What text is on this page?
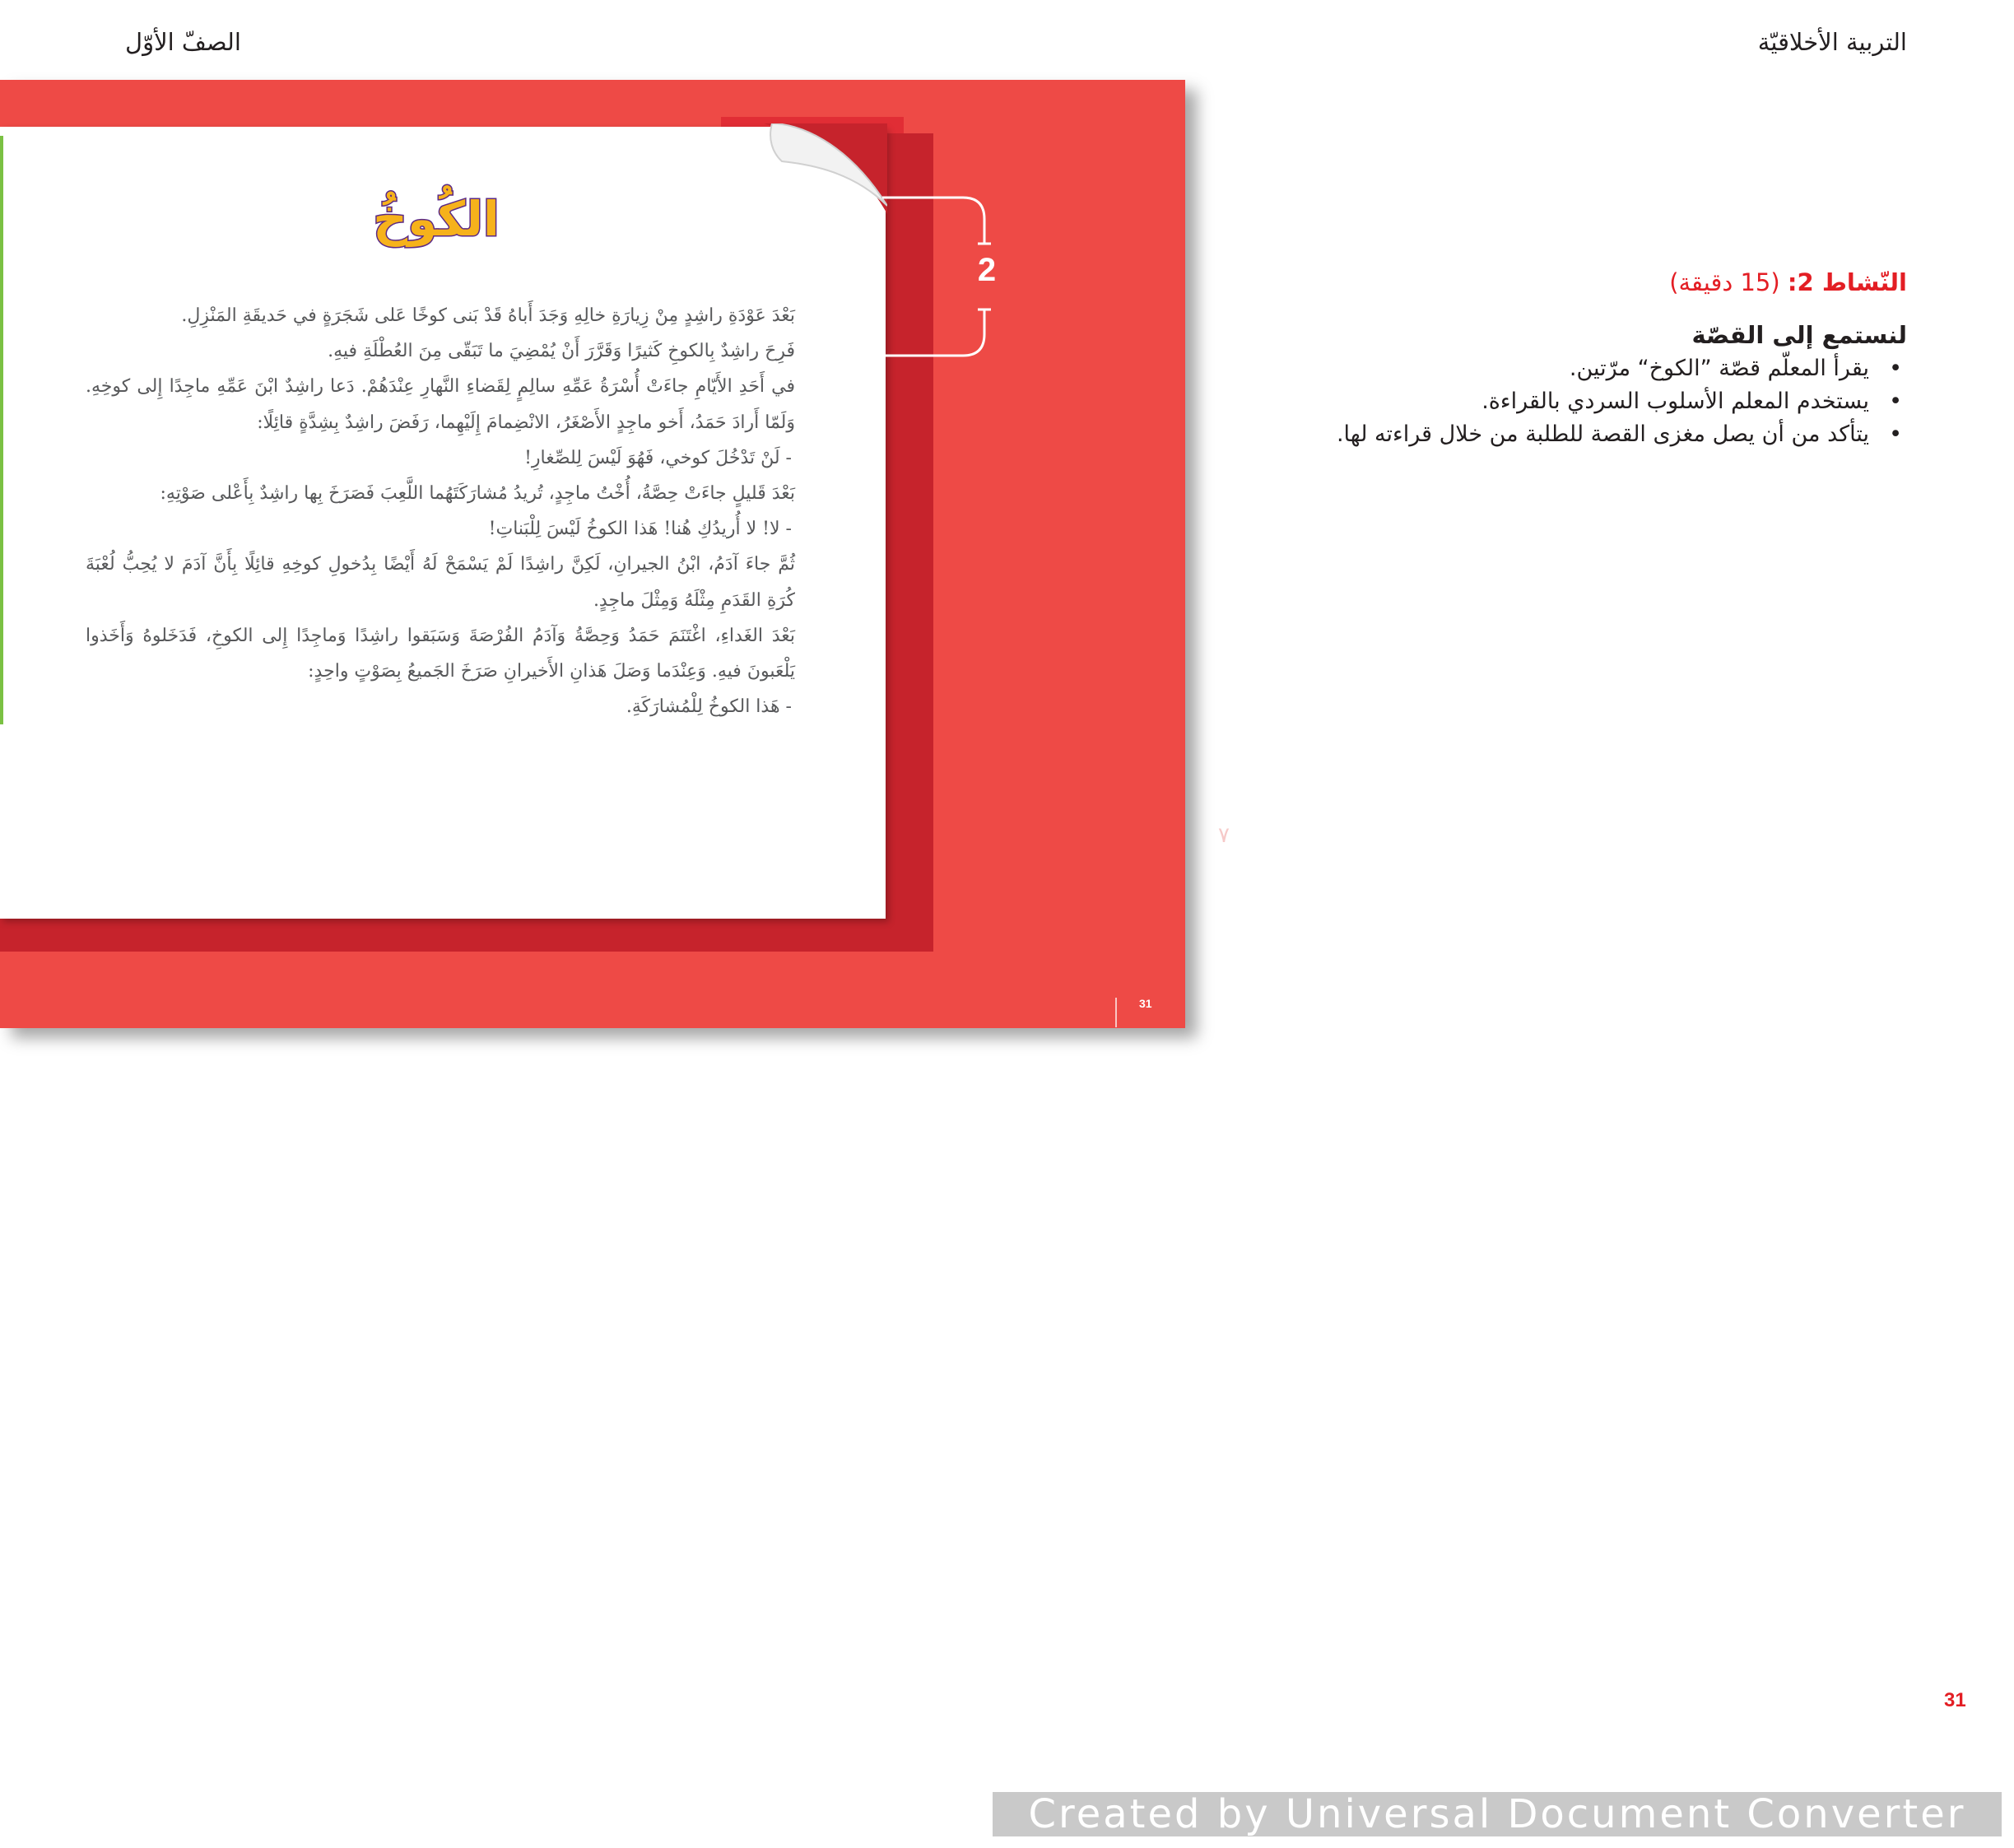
التربية الأخلاقيّة
الصفّ الأوّل
الكُوخُ

بَعْدَ عَوْدَةِ راشِدٍ مِنْ زِيارَةِ خالِهِ وَجَدَ أَباهُ قَدْ بَنى كوخًا عَلى شَجَرَةٍ في حَديقَةِ المَنْزِلِ.

فَرِحَ راشِدٌ بِالكوخِ كَثيرًا وَقَرَّرَ أَنْ يُمْضِيَ ما تَبَقّى مِنَ العُطْلَةِ فيهِ.

في أَحَدِ الأَيّامِ جاءَتْ أُسْرَةُ عَمِّهِ سالِمٍ لِقَضاءِ النَّهارِ عِنْدَهُمْ. دَعا راشِدٌ ابْنَ عَمِّهِ ماجِدًا إِلى كوخِهِ. وَلَمّا أَرادَ حَمَدُ، أَخو ماجِدٍ الأَصْغَرُ، الانْضِمامَ إِلَيْهِما، رَفَضَ راشِدٌ بِشِدَّةٍ قائِلًا:

- لَنْ تَدْخُلَ كوخي، فَهُوَ لَيْسَ لِلصِّغارِ!

بَعْدَ قَليلٍ جاءَتْ حِصَّةُ، أُخْتُ ماجِدٍ، تُريدُ مُشارَكَتَهُما اللَّعِبَ فَصَرَخَ بِها راشِدٌ بِأَعْلى صَوْتِهِ:

- لا! لا أُريدُكِ هُنا! هَذا الكوخُ لَيْسَ لِلْبَناتِ!

ثُمَّ جاءَ آدَمُ، ابْنُ الجيرانِ، لَكِنَّ راشِدًا لَمْ يَسْمَحْ لَهُ أَيْضًا بِدُخولِ كوخِهِ قائِلًا بِأَنَّ آدَمَ لا يُحِبُّ لُعْبَةَ كُرَةِ القَدَمِ مِثْلَهُ وَمِثْلَ ماجِدٍ.

بَعْدَ الغَداءِ، اغْتَنَمَ حَمَدُ وَحِصَّةُ وَآدَمُ الفُرْصَةَ وَسَبَقوا راشِدًا وَماجِدًا إِلى الكوخِ، فَدَخَلوهُ وَأَخَذوا يَلْعَبونَ فيهِ. وَعِنْدَما وَصَلَ هَذانِ الأَخيرانِ صَرَخَ الجَميعُ بِصَوْتٍ واحِدٍ:

- هَذا الكوخُ لِلْمُشارَكَةِ.

2
31
٧
النّشاط 2: (15 دقيقة)
لنستمع إلى القصّة
•
يقرأ المعلّم قصّة ”الكوخ“ مرّتين.
•
يستخدم المعلم الأسلوب السردي بالقراءة.
•
يتأكد من أن يصل مغزى القصة للطلبة من خلال قراءته لها.
31
Created by Universal Document Converter
